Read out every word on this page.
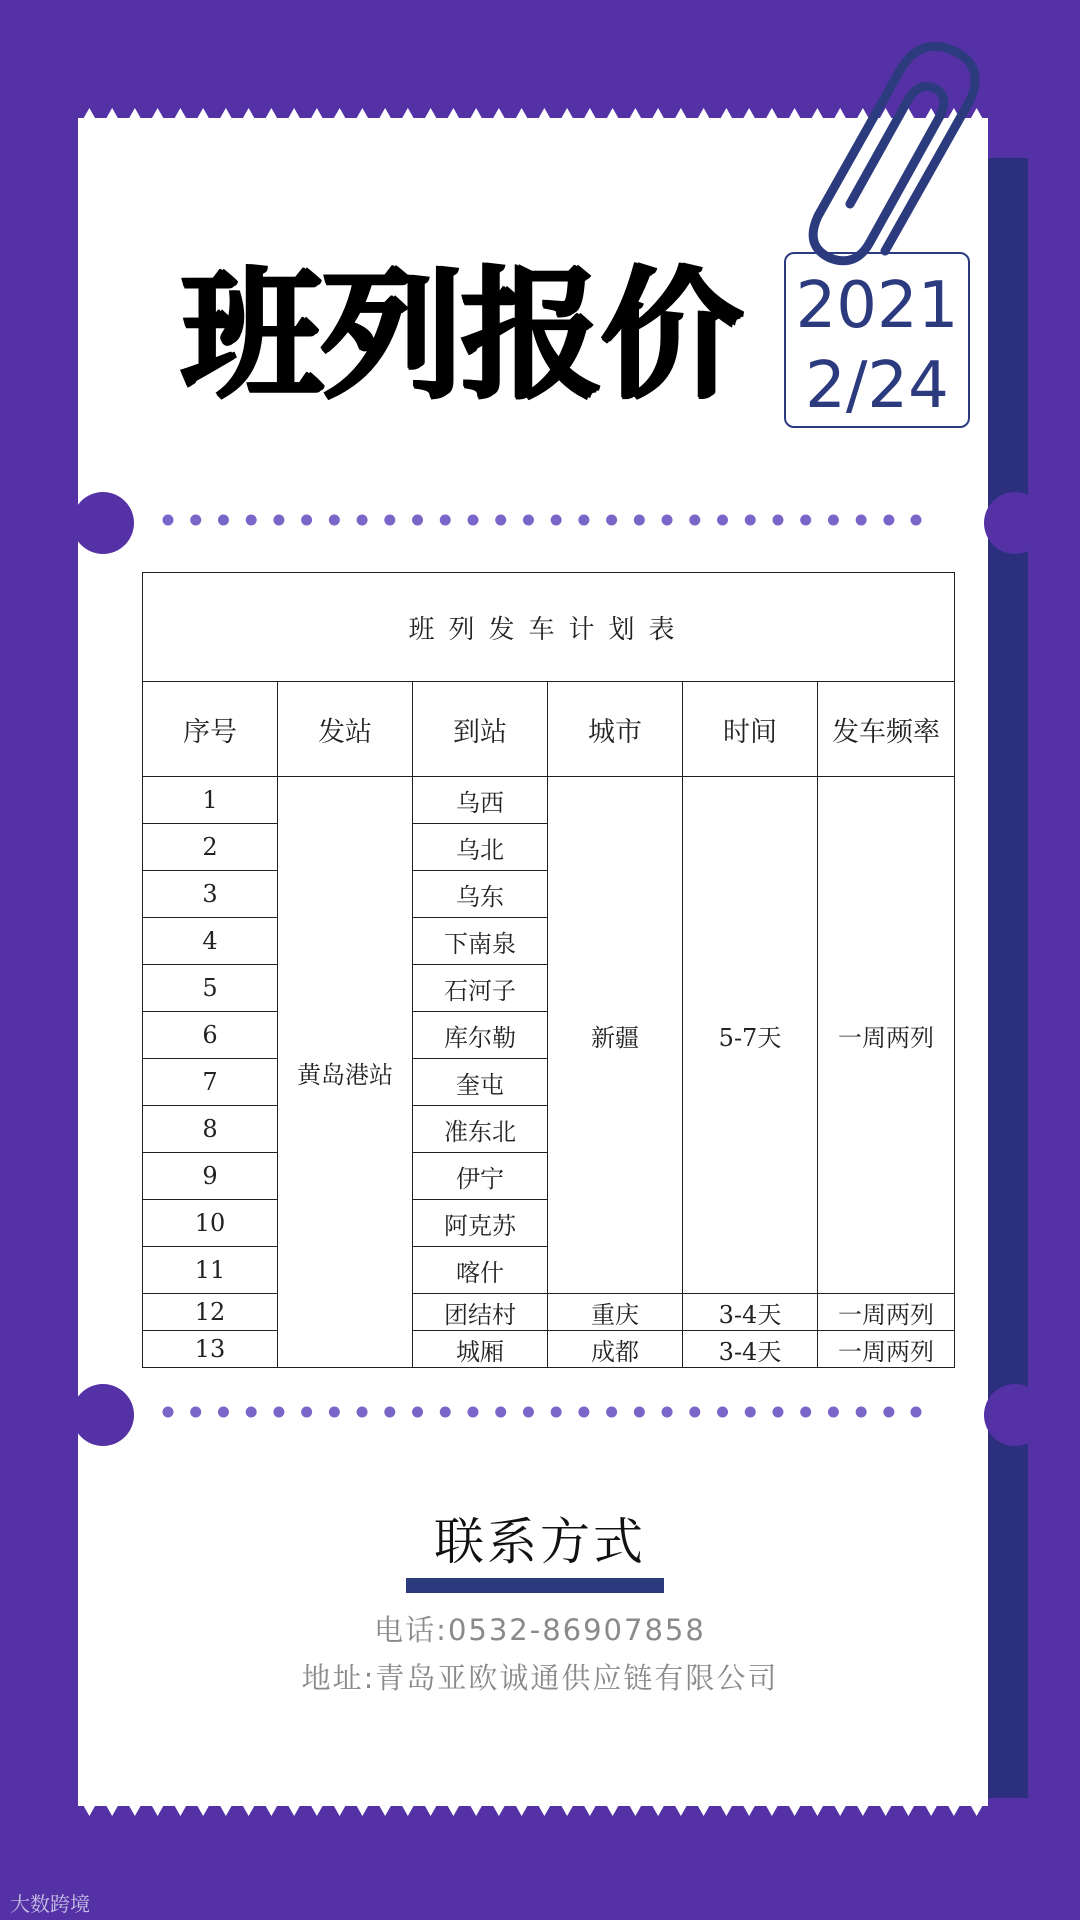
班列报价 2021
2/24
班列发车计划表					
序号	发站	到站	城市	时间	发车频率
1	黄岛港站	乌西	新疆	5-7天	一周两列
2		乌北			
3		乌东			
4		下南泉			
5		石河子			
6		库尔勒			
7		奎屯			
8		准东北			
9		伊宁			
10		阿克苏			
11		喀什			
12		团结村	重庆	3-4天	一周两列
13		城厢	成都	3-4天	一周两列
联系方式
电话:0532-86907858
地址:青岛亚欧诚通供应链有限公司
大数跨境
